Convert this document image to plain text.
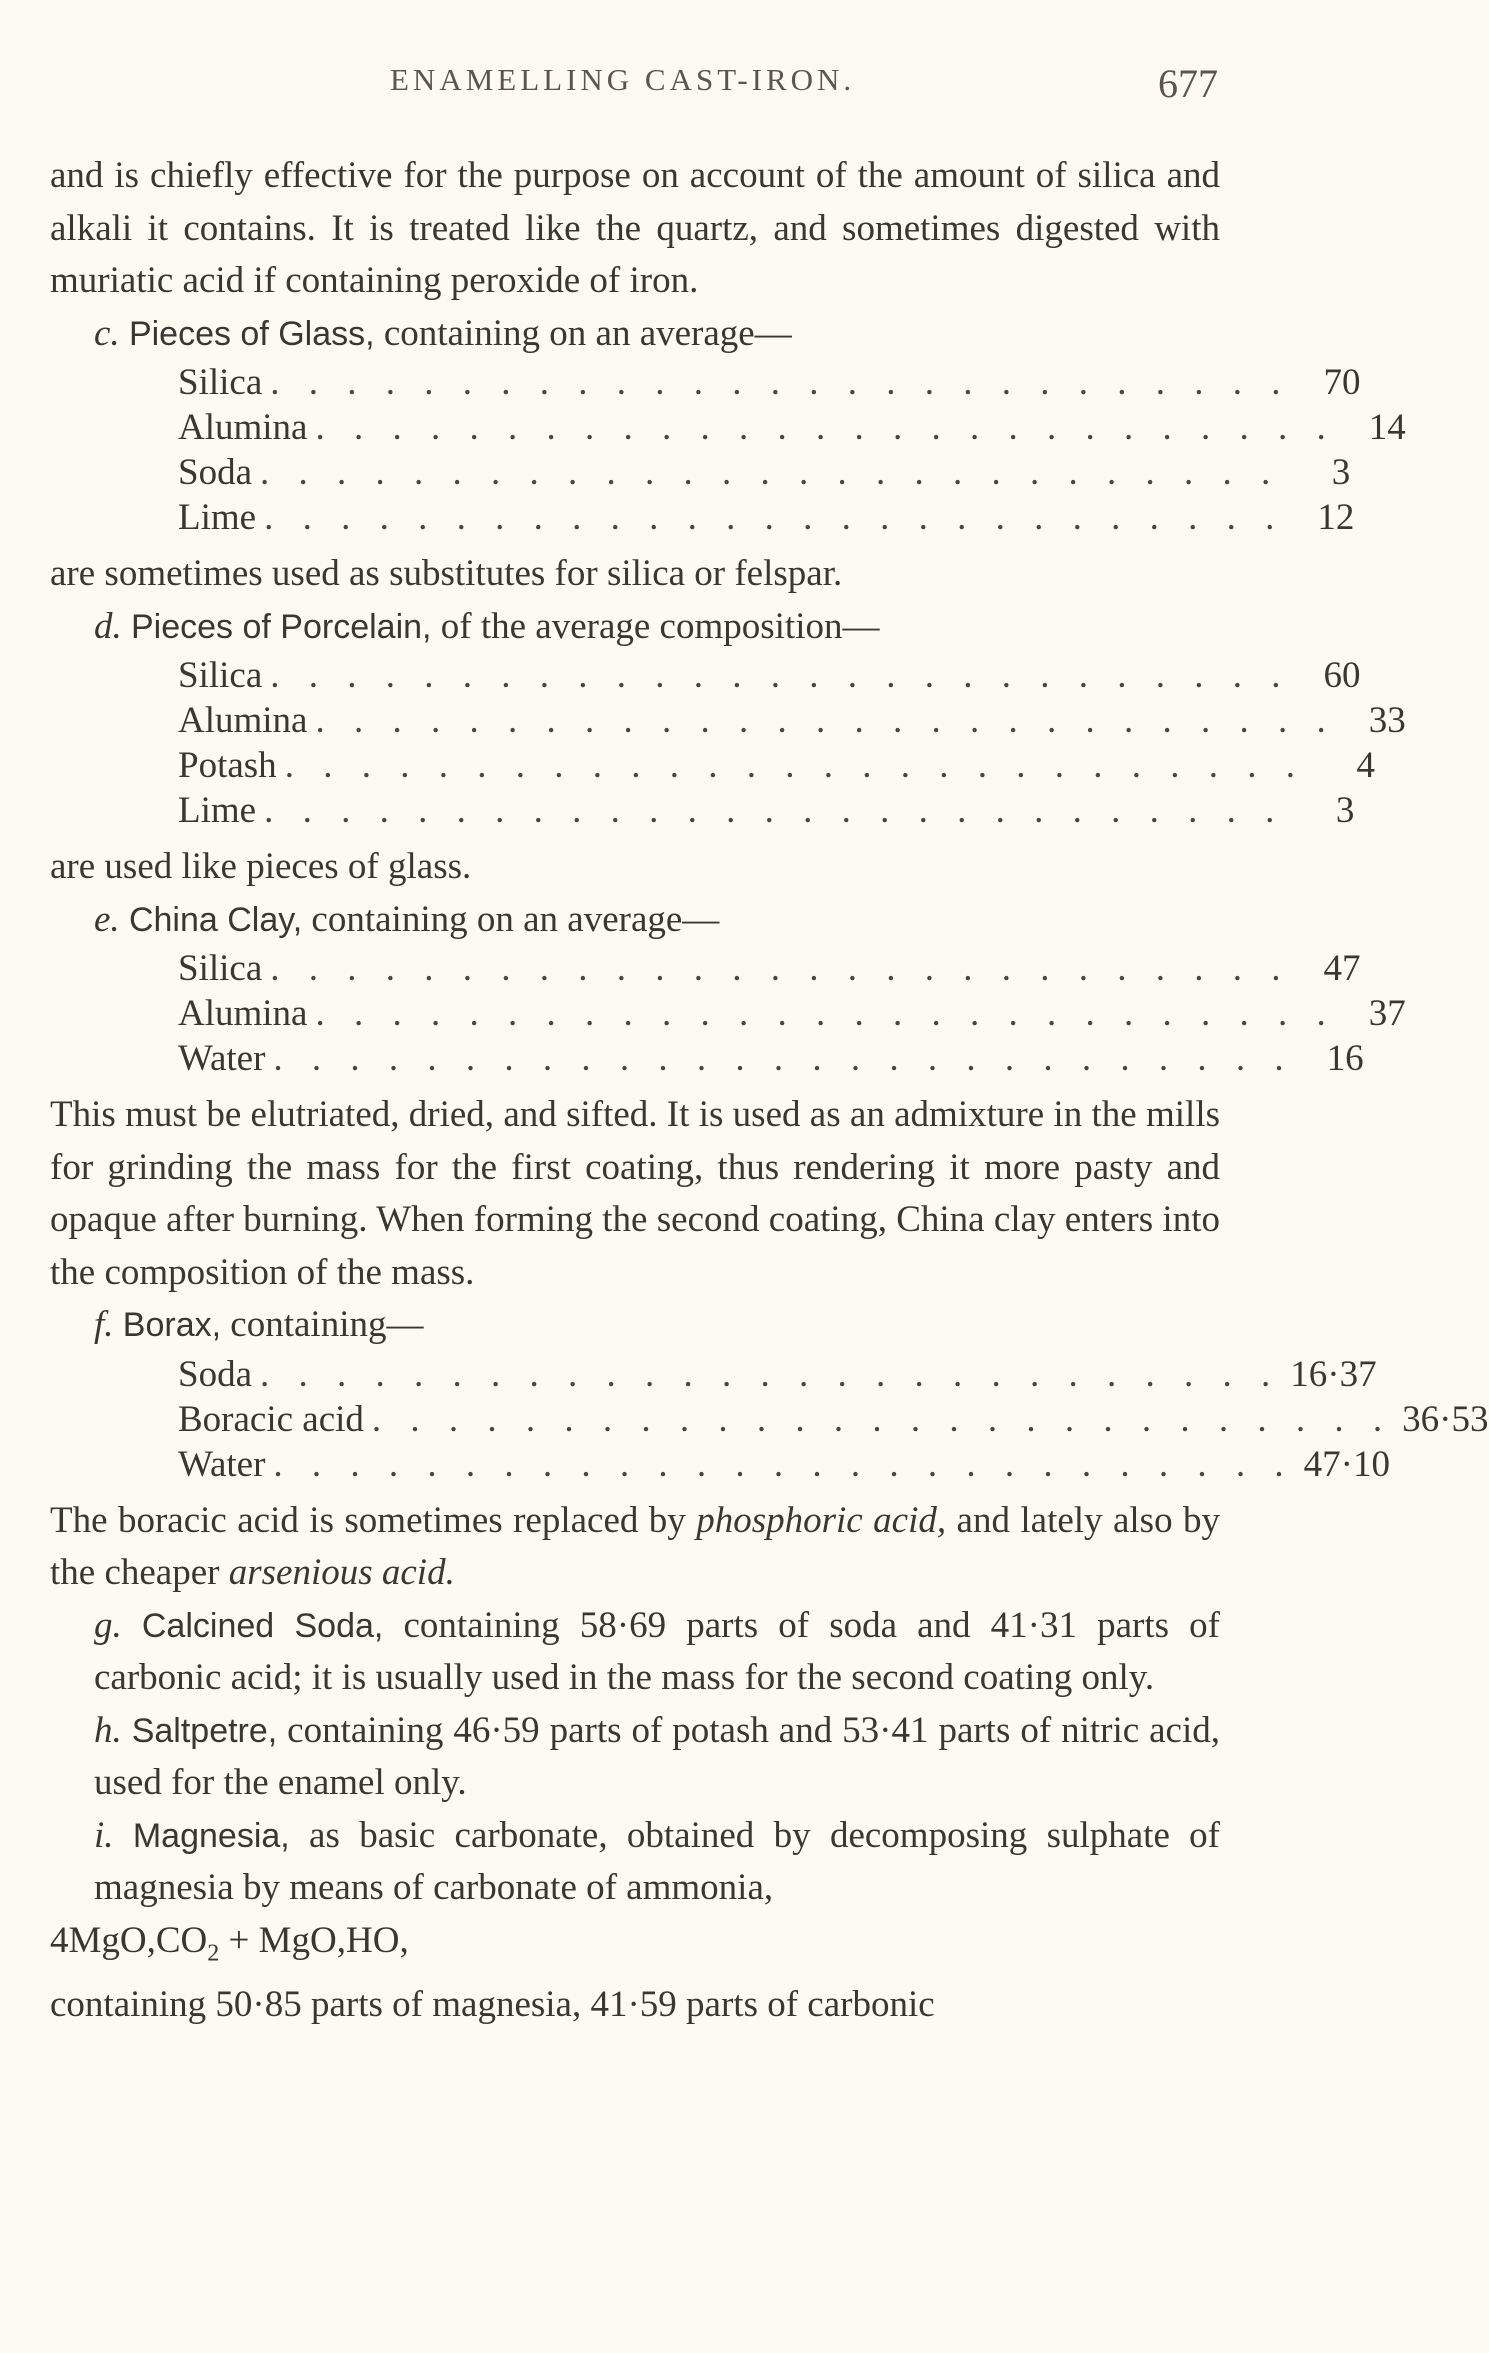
ENAMELLING CAST-IRON.	677

and is chiefly effective for the purpose on account of the amount of silica and alkali it contains. It is treated like the quartz, and sometimes digested with muriatic acid if containing peroxide of iron.

c. Pieces of Glass, containing on an average—

Silica . . . . . . . . . . . . . . . . . . . . . . . . . . . 70
Alumina . . . . . . . . . . . . . . . . . . . . . . . . . . . 14
Soda . . . . . . . . . . . . . . . . . . . . . . . . . . .	3
Lime . . . . . . . . . . . . . . . . . . . . . . . . . . . 12

are sometimes used as substitutes for silica or felspar.

d. Pieces of Porcelain, of the average composition—

Silica . . . . . . . . . . . . . . . . . . . . . . . . . . . 60
Alumina . . . . . . . . . . . . . . . . . . . . . . . . . . . 33
Potash . . . . . . . . . . . . . . . . . . . . . . . . . . .	4
Lime . . . . . . . . . . . . . . . . . . . . . . . . . . .	3

are used like pieces of glass.

e. China Clay, containing on an average—

Silica . . . . . . . . . . . . . . . . . . . . . . . . . . . 47
Alumina . . . . . . . . . . . . . . . . . . . . . . . . . . . 37
Water . . . . . . . . . . . . . . . . . . . . . . . . . . . 16

This must be elutriated, dried, and sifted. It is used as an admixture in the mills for grinding the mass for the first coating, thus rendering it more pasty and opaque after burning. When forming the second coating, China clay enters into the composition of the mass.

f. Borax, containing—

Soda . . . . . . . . . . . . . . . . . . . . . . . . . . . 16·37
Boracic acid . . . . . . . . . . . . . . . . . . . . . . . . . . . 36·53
Water . . . . . . . . . . . . . . . . . . . . . . . . . . . 47·10

The boracic acid is sometimes replaced by phosphoric acid, and lately also by the cheaper arsenious acid.

g. Calcined Soda, containing 58·69 parts of soda and 41·31 parts of carbonic acid; it is usually used in the mass for the second coating only.

h. Saltpetre, containing 46·59 parts of potash and 53·41 parts of nitric acid, used for the enamel only.

i. Magnesia, as basic carbonate, obtained by decomposing sulphate of magnesia by means of carbonate of ammonia,

$4MgO,CO_2 + MgO,HO$,

containing 50·85 parts of magnesia, 41·59 parts of carbonic
